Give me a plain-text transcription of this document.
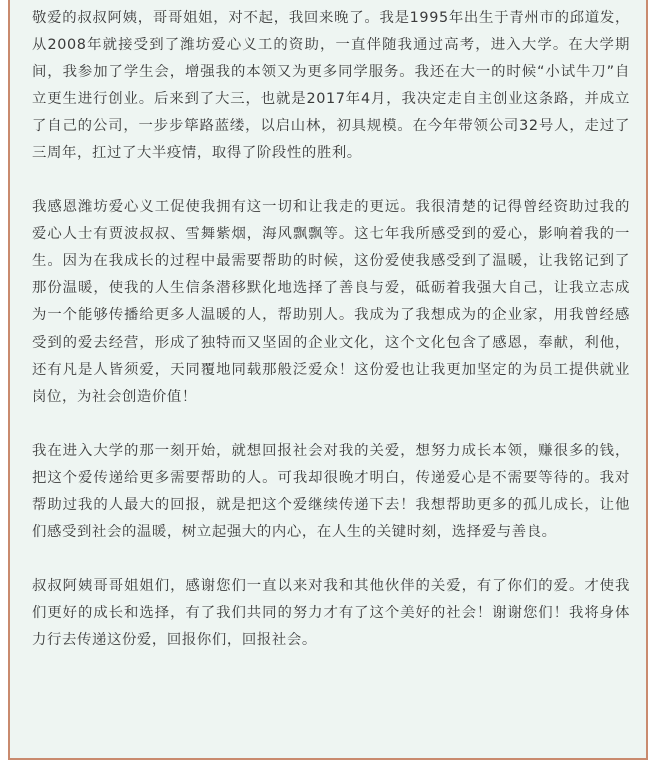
敬爱的叔叔阿姨，哥哥姐姐，对不起，我回来晚了。我是1995年出生于青州市的邱道发，从2008年就接受到了潍坊爱心义工的资助，一直伴随我通过高考，进入大学。在大学期间，我参加了学生会，增强我的本领又为更多同学服务。我还在大一的时候“小试牛刀”自立更生进行创业。后来到了大三，也就是2017年4月，我决定走自主创业这条路，并成立了自己的公司，一步步筚路蓝缕，以启山林，初具规模。在今年带领公司32号人，走过了三周年，扛过了大半疫情，取得了阶段性的胜利。

我感恩潍坊爱心义工促使我拥有这一切和让我走的更远。我很清楚的记得曾经资助过我的爱心人士有贾波叔叔、雪舞紫烟，海风飘飘等。这七年我所感受到的爱心，影响着我的一生。因为在我成长的过程中最需要帮助的时候，这份爱使我感受到了温暖，让我铭记到了那份温暖，使我的人生信条潜移默化地选择了善良与爱，砥砺着我强大自己，让我立志成为一个能够传播给更多人温暖的人，帮助别人。我成为了我想成为的企业家，用我曾经感受到的爱去经营，形成了独特而又坚固的企业文化，这个文化包含了感恩，奉献，利他，还有凡是人皆须爱，天同覆地同载那般泛爱众！这份爱也让我更加坚定的为员工提供就业岗位，为社会创造价值！

我在进入大学的那一刻开始，就想回报社会对我的关爱，想努力成长本领，赚很多的钱，把这个爱传递给更多需要帮助的人。可我却很晚才明白，传递爱心是不需要等待的。我对帮助过我的人最大的回报，就是把这个爱继续传递下去！我想帮助更多的孤儿成长，让他们感受到社会的温暖，树立起强大的内心，在人生的关键时刻，选择爱与善良。

叔叔阿姨哥哥姐姐们，感谢您们一直以来对我和其他伙伴的关爱，有了你们的爱。才使我们更好的成长和选择，有了我们共同的努力才有了这个美好的社会！谢谢您们！我将身体力行去传递这份爱，回报你们，回报社会。
